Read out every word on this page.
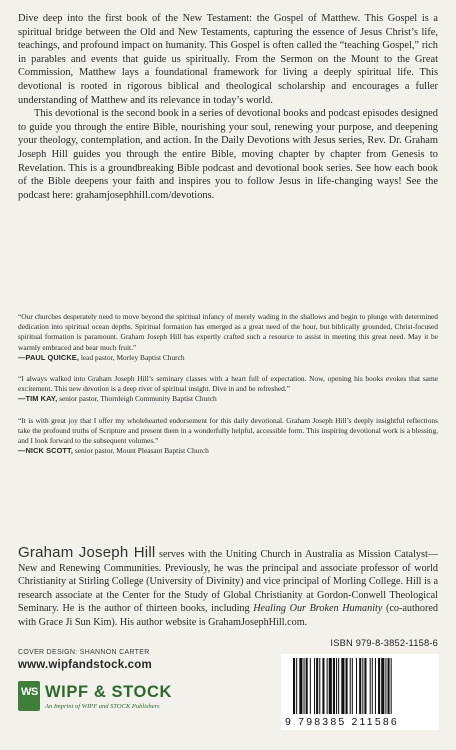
Dive deep into the first book of the New Testament: the Gospel of Matthew. This Gospel is a spiritual bridge between the Old and New Testaments, capturing the essence of Jesus Christ’s life, teachings, and profound impact on humanity. This Gospel is often called the “teaching Gospel,” rich in parables and events that guide us spiritually. From the Sermon on the Mount to the Great Commission, Matthew lays a foundational framework for living a deeply spiritual life. This devotional is rooted in rigorous biblical and theological scholarship and encourages a fuller understanding of Matthew and its relevance in today’s world.

This devotional is the second book in a series of devotional books and podcast episodes designed to guide you through the entire Bible, nourishing your soul, renewing your purpose, and deepening your theology, contemplation, and action. In the Daily Devotions with Jesus series, Rev. Dr. Graham Joseph Hill guides you through the entire Bible, moving chapter by chapter from Genesis to Revelation. This is a groundbreaking Bible podcast and devotional book series. See how each book of the Bible deepens your faith and inspires you to follow Jesus in life-changing ways! See the podcast here: grahamjosephhill.com/devotions.

“Our churches desperately need to move beyond the spiritual infancy of merely wading in the shallows and begin to plunge with determined dedication into spiritual ocean depths. Spiritual formation has emerged as a great need of the hour, but biblically grounded, Christ-focused spiritual formation is paramount. Graham Joseph Hill has expertly crafted such a resource to assist in meeting this great need. May it be warmly embraced and bear much fruit.”
—PAUL QUICKE, lead pastor, Morley Baptist Church
“I always walked into Graham Joseph Hill’s seminary classes with a heart full of expectation. Now, opening his books evokes that same excitement. This new devotion is a deep river of spiritual insight. Dive in and be refreshed.”
—TIM KAY, senior pastor, Thornleigh Community Baptist Church
“It is with great joy that I offer my wholehearted endorsement for this daily devotional. Graham Joseph Hill’s deeply insightful reflections take the profound truths of Scripture and present them in a wonderfully helpful, accessible form. This inspiring devotional work is a blessing, and I look forward to the subsequent volumes.”
—NICK SCOTT, senior pastor, Mount Pleasant Baptist Church
Graham Joseph Hill serves with the Uniting Church in Australia as Mission Catalyst—New and Renewing Communities. Previously, he was the principal and associate professor of world Christianity at Stirling College (University of Divinity) and vice principal of Morling College. Hill is a research associate at the Center for the Study of Global Christianity at Gordon-Conwell Theological Seminary. He is the author of thirteen books, including Healing Our Broken Humanity (co-authored with Grace Ji Sun Kim). His author website is GrahamJosephHill.com.
COVER DESIGN: SHANNON CARTER
www.wipfandstock.com
WS WIPF & STOCK
An Imprint of WIPF and STOCK Publishers
ISBN 979-8-3852-1158-6
9 798385 211586
